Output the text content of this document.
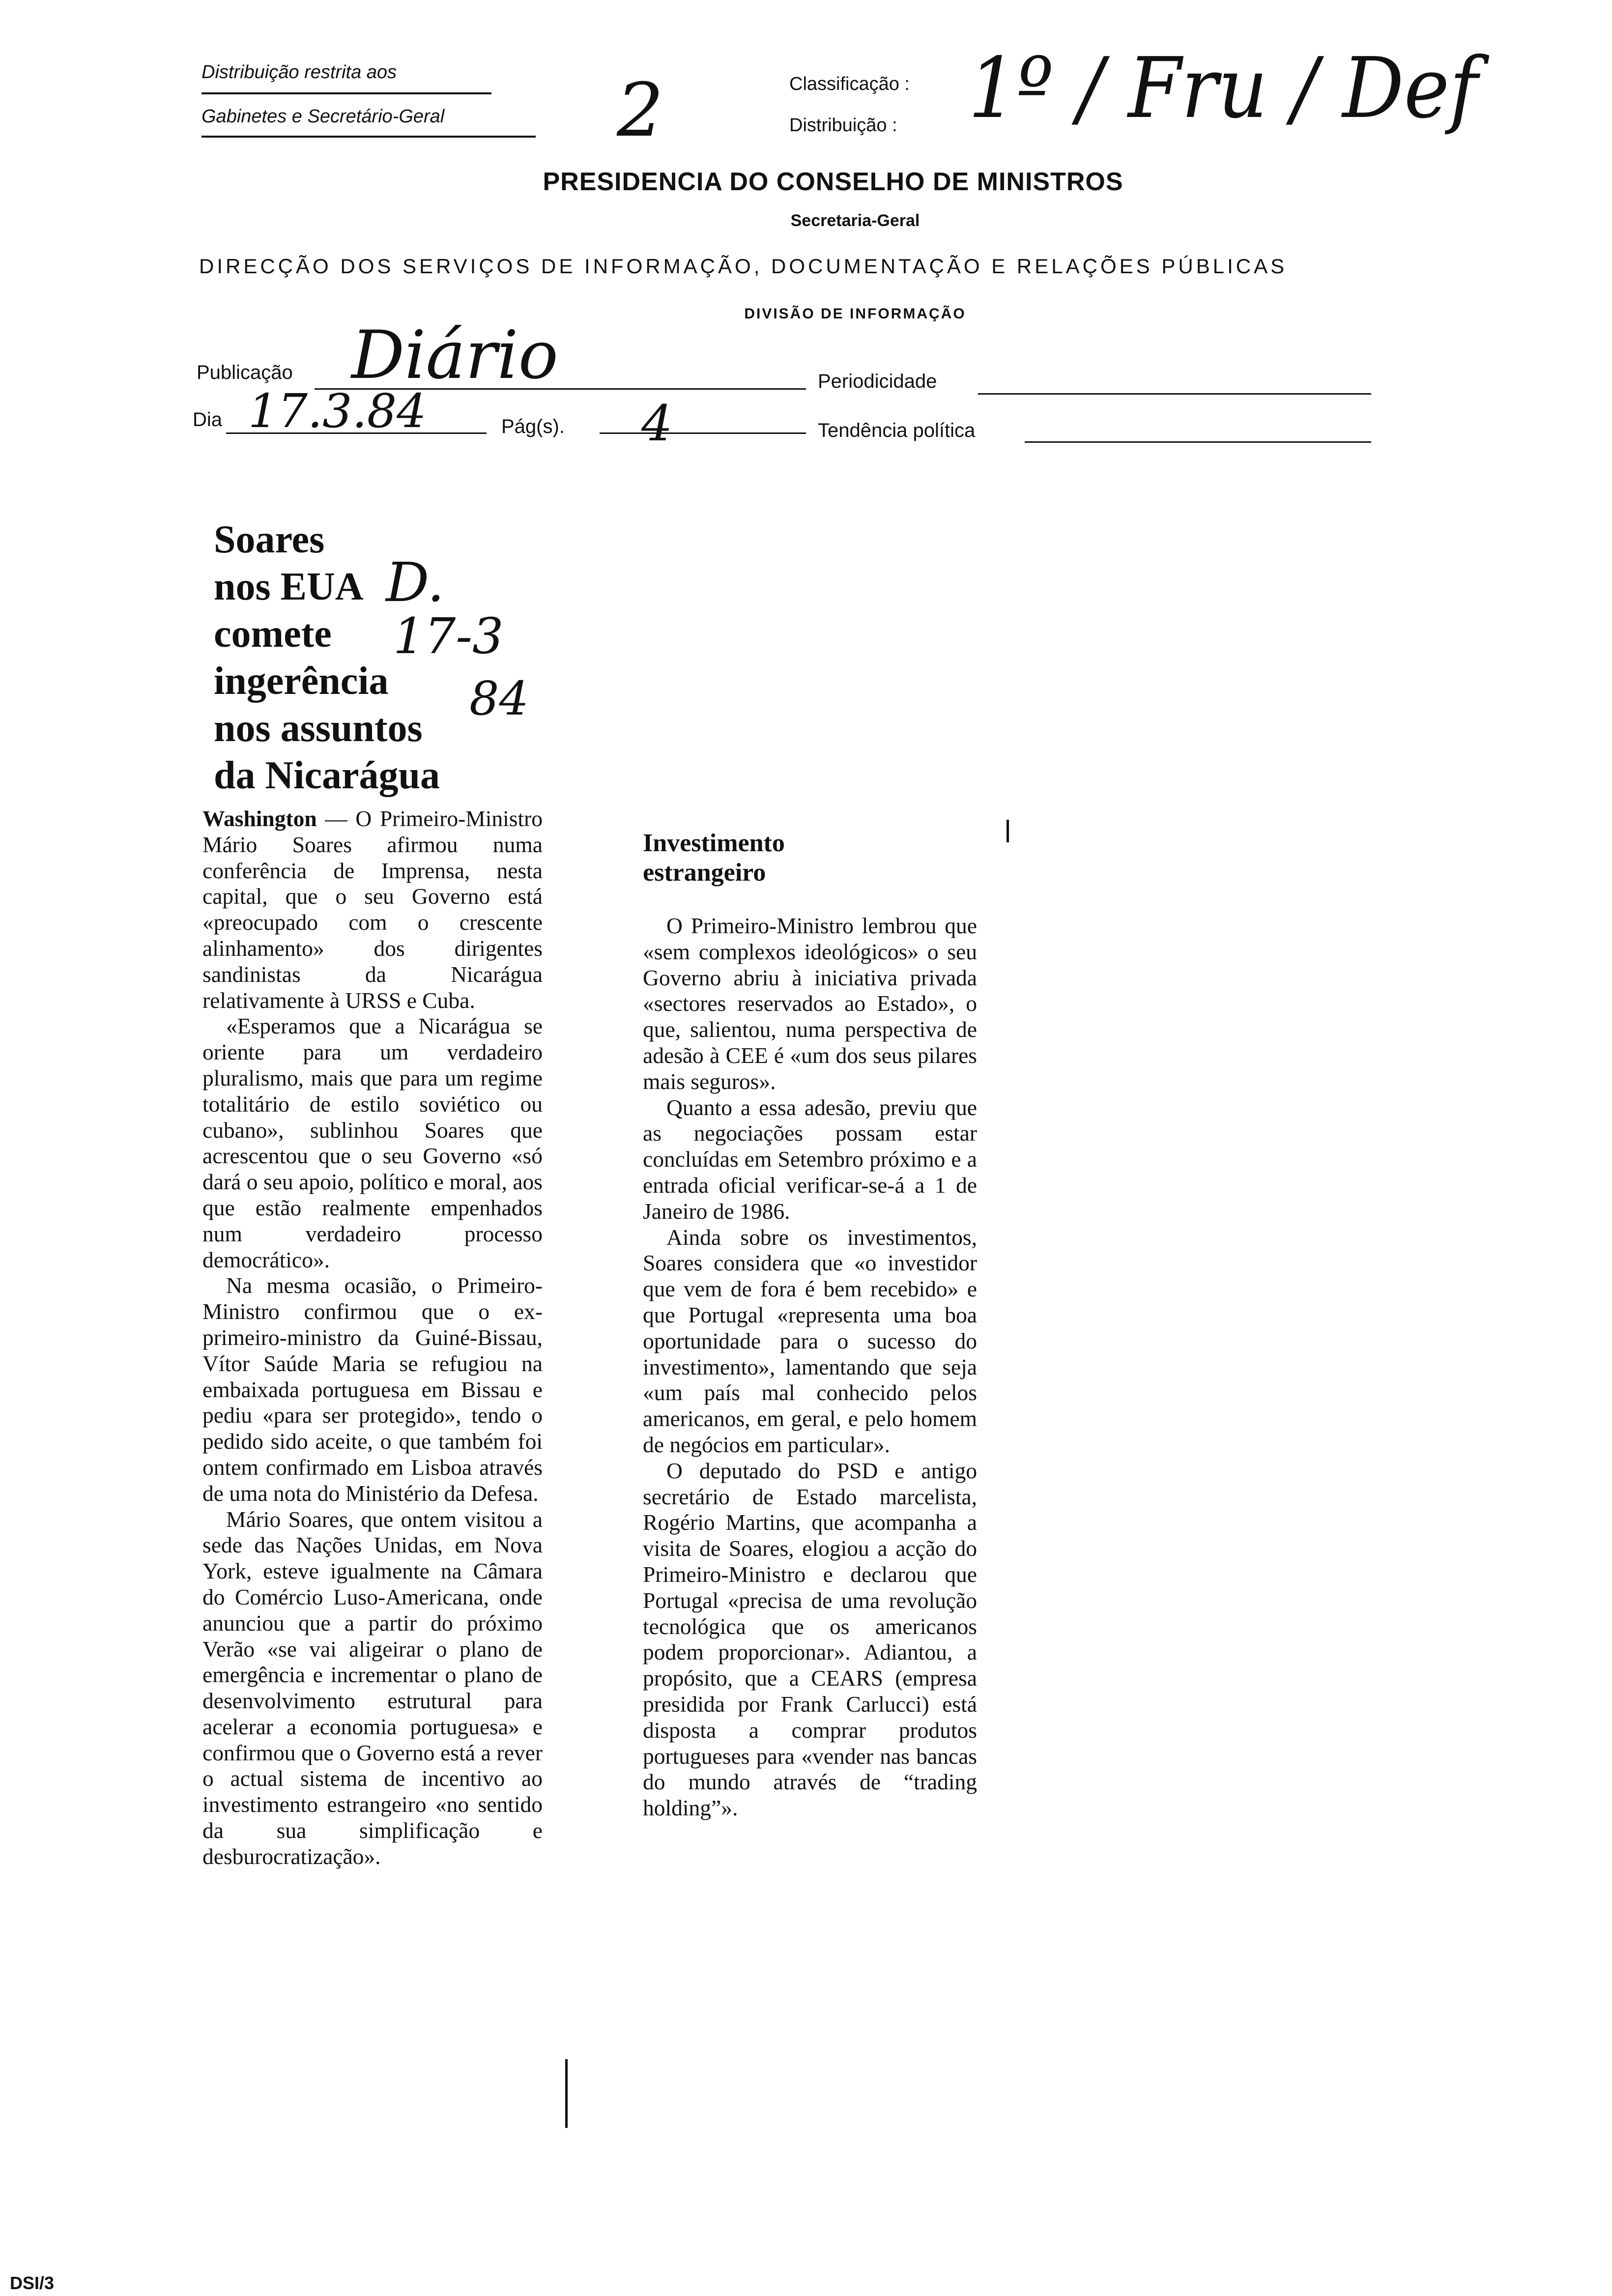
Distribuição restrita aos
Gabinetes e Secretário-Geral 2	Classificação :
Distribuição : 1º / Fru / Def
PRESIDENCIA DO CONSELHO DE MINISTROS
Secretaria-Geral
DIRECÇÃO DOS SERVIÇOS DE INFORMAÇÃO, DOCUMENTAÇÃO E RELAÇÕES PÚBLICAS
DIVISÃO DE INFORMAÇÃO
Publicação Diário	Periodicidade
Dia 17.3.84	Pág(s). 4	Tendência política
Soares
nos EUA
comete
ingerência
nos assuntos
da Nicarágua
D.
17-3
84

Washington — O Primeiro-Ministro Mário Soares afirmou numa conferência de Imprensa, nesta capital, que o seu Governo está «preocupado com o crescente alinhamento» dos dirigentes sandinistas da Nicarágua relativamente à URSS e Cuba.

«Esperamos que a Nicarágua se oriente para um verdadeiro pluralismo, mais que para um regime totalitário de estilo soviético ou cubano», sublinhou Soares que acrescentou que o seu Governo «só dará o seu apoio, político e moral, aos que estão realmente empenhados num verdadeiro processo democrático».

Na mesma ocasião, o Primeiro-Ministro confirmou que o ex-primeiro-ministro da Guiné-Bissau, Vítor Saúde Maria se refugiou na embaixada portuguesa em Bissau e pediu «para ser protegido», tendo o pedido sido aceite, o que também foi ontem confirmado em Lisboa através de uma nota do Ministério da Defesa.

Mário Soares, que ontem visitou a sede das Nações Unidas, em Nova York, esteve igualmente na Câmara do Comércio Luso-Americana, onde anunciou que a partir do próximo Verão «se vai aligeirar o plano de emergência e incrementar o plano de desenvolvimento estrutural para acelerar a economia portuguesa» e confirmou que o Governo está a rever o actual sistema de incentivo ao investimento estrangeiro «no sentido da sua simplificação e desburocratização».

Investimento estrangeiro

O Primeiro-Ministro lembrou que «sem complexos ideológicos» o seu Governo abriu à iniciativa privada «sectores reservados ao Estado», o que, salientou, numa perspectiva de adesão à CEE é «um dos seus pilares mais seguros».

Quanto a essa adesão, previu que as negociações possam estar concluídas em Setembro próximo e a entrada oficial verificar-se-á a 1 de Janeiro de 1986.

Ainda sobre os investimentos, Soares considera que «o investidor que vem de fora é bem recebido» e que Portugal «representa uma boa oportunidade para o sucesso do investimento», lamentando que seja «um país mal conhecido pelos americanos, em geral, e pelo homem de negócios em particular».

O deputado do PSD e antigo secretário de Estado marcelista, Rogério Martins, que acompanha a visita de Soares, elogiou a acção do Primeiro-Ministro e declarou que Portugal «precisa de uma revolução tecnológica que os americanos podem proporcionar». Adiantou, a propósito, que a CEARS (empresa presidida por Frank Carlucci) está disposta a comprar produtos portugueses para «vender nas bancas do mundo através de “trading holding”».

DSI/3
